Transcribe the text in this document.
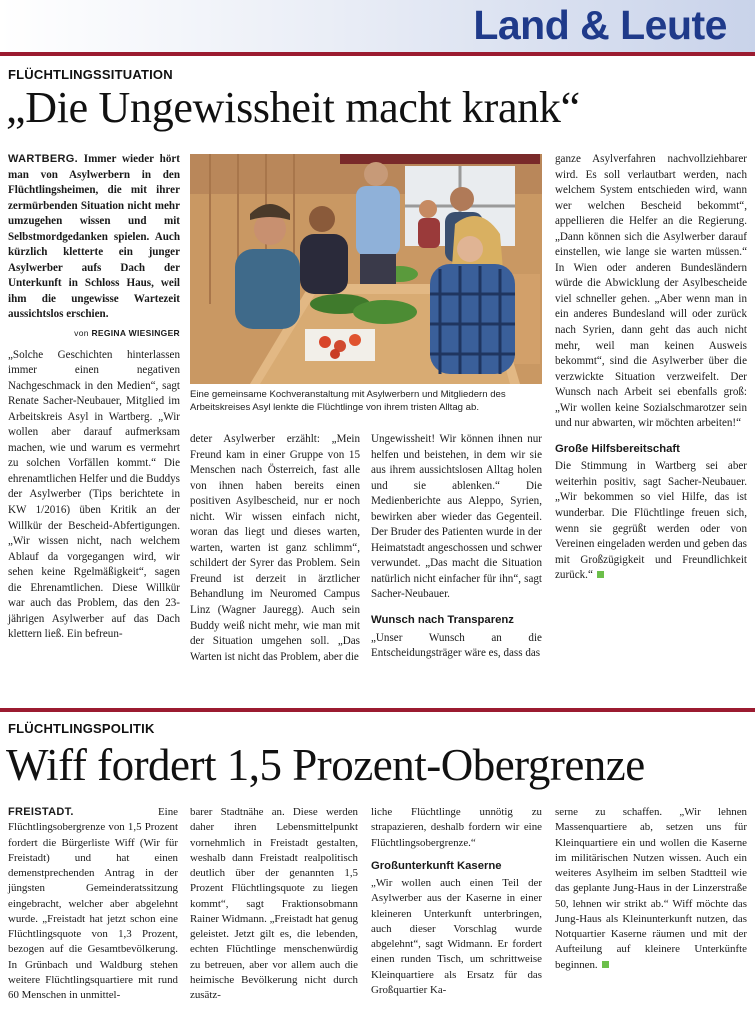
Land & Leute
FLÜCHTLINGSSITUATION
„Die Ungewissheit macht krank“

WARTBERG. Immer wieder hört man von Asylwerbern in den Flüchtlingsheimen, die mit ihrer zermürbenden Situation nicht mehr umzugehen wissen und mit Selbstmordgedanken spielen. Auch kürzlich kletterte ein junger Asylwerber aufs Dach der Unterkunft in Schloss Haus, weil ihm die ungewisse Wartezeit aussichtslos erschien.

von REGINA WIESINGER

„Solche Geschichten hinterlassen immer einen negativen Nachgeschmack in den Medien“, sagt Renate Sacher-Neubauer, Mitglied im Arbeitskreis Asyl in Wartberg. „Wir wollen aber darauf aufmerksam machen, wie und warum es vermehrt zu solchen Vorfällen kommt.“ Die ehrenamtlichen Helfer und die Buddys der Asylwerber (Tips berichtete in KW 1/2016) üben Kritik an der Willkür der Bescheid-Abfertigungen. „Wir wissen nicht, nach welchem Ablauf da vorgegangen wird, wir sehen keine Rgelmäßigkeit“, sagen die Ehrenamtlichen. Diese Willkür war auch das Problem, das den 23-jährigen Asylwerber auf das Dach klettern ließ. Ein befreun-

Eine gemeinsame Kochveranstaltung mit Asylwerbern und Mitgliedern des Arbeitskreises Asyl lenkte die Flüchtlinge von ihrem tristen Alltag ab.

deter Asylwerber erzählt: „Mein Freund kam in einer Gruppe von 15 Menschen nach Österreich, fast alle von ihnen haben bereits einen positiven Asylbescheid, nur er noch nicht. Wir wissen einfach nicht, woran das liegt und dieses warten, warten, warten ist ganz schlimm“, schildert der Syrer das Problem. Sein Freund ist derzeit in ärztlicher Behandlung im Neuromed Campus Linz (Wagner Jauregg). Auch sein Buddy weiß nicht mehr, wie man mit der Situation umgehen soll. „Das Warten ist nicht das Problem, aber die

Ungewissheit! Wir können ihnen nur helfen und beistehen, in dem wir sie aus ihrem aussichtslosen Alltag holen und sie ablenken.“ Die Medienberichte aus Aleppo, Syrien, bewirken aber wieder das Gegenteil. Der Bruder des Patienten wurde in der Heimatstadt angeschossen und schwer verwundet. „Das macht die Situation natürlich nicht einfacher für ihn“, sagt Sacher-Neubauer.

Wunsch nach Transparenz

„Unser Wunsch an die Entscheidungsträger wäre es, dass das

ganze Asylverfahren nachvollziehbarer wird. Es soll verlautbart werden, nach welchem System entschieden wird, wann wer welchen Bescheid bekommt“, appellieren die Helfer an die Regierung. „Dann können sich die Asylwerber darauf einstellen, wie lange sie warten müssen.“ In Wien oder anderen Bundesländern würde die Abwicklung der Asylbescheide viel schneller gehen. „Aber wenn man in ein anderes Bundesland will oder zurück nach Syrien, dann geht das auch nicht mehr, weil man keinen Ausweis bekommt“, sind die Asylwerber über die verzwickte Situation verzweifelt. Der Wunsch nach Arbeit sei ebenfalls groß: „Wir wollen keine Sozialschmarotzer sein und nur abwarten, wir möchten arbeiten!“

Große Hilfsbereitschaft

Die Stimmung in Wartberg sei aber weiterhin positiv, sagt Sacher-Neubauer. „Wir bekommen so viel Hilfe, das ist wunderbar. Die Flüchtlinge freuen sich, wenn sie gegrüßt werden oder von Vereinen eingeladen werden und geben das mit Großzügigkeit und Freundlichkeit zurück.“

FLÜCHTLINGSPOLITIK
Wiff fordert 1,5 Prozent-Obergrenze

FREISTADT.	Eine Flüchtlingsobergrenze von 1,5 Prozent fordert die Bürgerliste Wiff (Wir für Freistadt) und hat einen demenstprechenden Antrag in der jüngsten Gemeinderatssitzung eingebracht, welcher aber abgelehnt wurde. „Freistadt hat jetzt schon eine Flüchtlingsquote von 1,3 Prozent, bezogen auf die Gesamtbevölkerung. In Grünbach und Waldburg stehen weitere Flüchtlingsquartiere mit rund 60 Menschen in unmittel-

barer Stadtnähe an. Diese werden daher ihren Lebensmittelpunkt vornehmlich in Freistadt gestalten, weshalb dann Freistadt realpolitisch deutlich über der genannten 1,5 Prozent Flüchtlingsquote zu liegen kommt“, sagt Fraktionsobmann Rainer Widmann. „Freistadt hat genug geleistet. Jetzt gilt es, die lebenden, echten Flüchtlinge menschenwürdig zu betreuen, aber vor allem auch die heimische Bevölkerung nicht durch zusätz-

liche Flüchtlinge unnötig zu strapazieren, deshalb fordern wir eine Flüchtlingsobergrenze.“

Großunterkunft Kaserne

„Wir wollen auch einen Teil der Asylwerber aus der Kaserne in einer kleineren Unterkunft unterbringen, auch dieser Vorschlag wurde abgelehnt“, sagt Widmann. Er fordert einen runden Tisch, um schrittweise Kleinquartiere als Ersatz für das Großquartier Ka-

serne zu schaffen. „Wir lehnen Massenquartiere ab, setzen uns für Kleinquartiere ein und wollen die Kaserne im militärischen Nutzen wissen. Auch ein weiteres Asylheim im selben Stadtteil wie das geplante Jung-Haus in der Linzerstraße 50, lehnen wir strikt ab.“ Wiff möchte das Jung-Haus als Kleinunterkunft nutzen, das Notquartier Kaserne räumen und mit der Aufteilung auf kleinere Unterkünfte beginnen.
